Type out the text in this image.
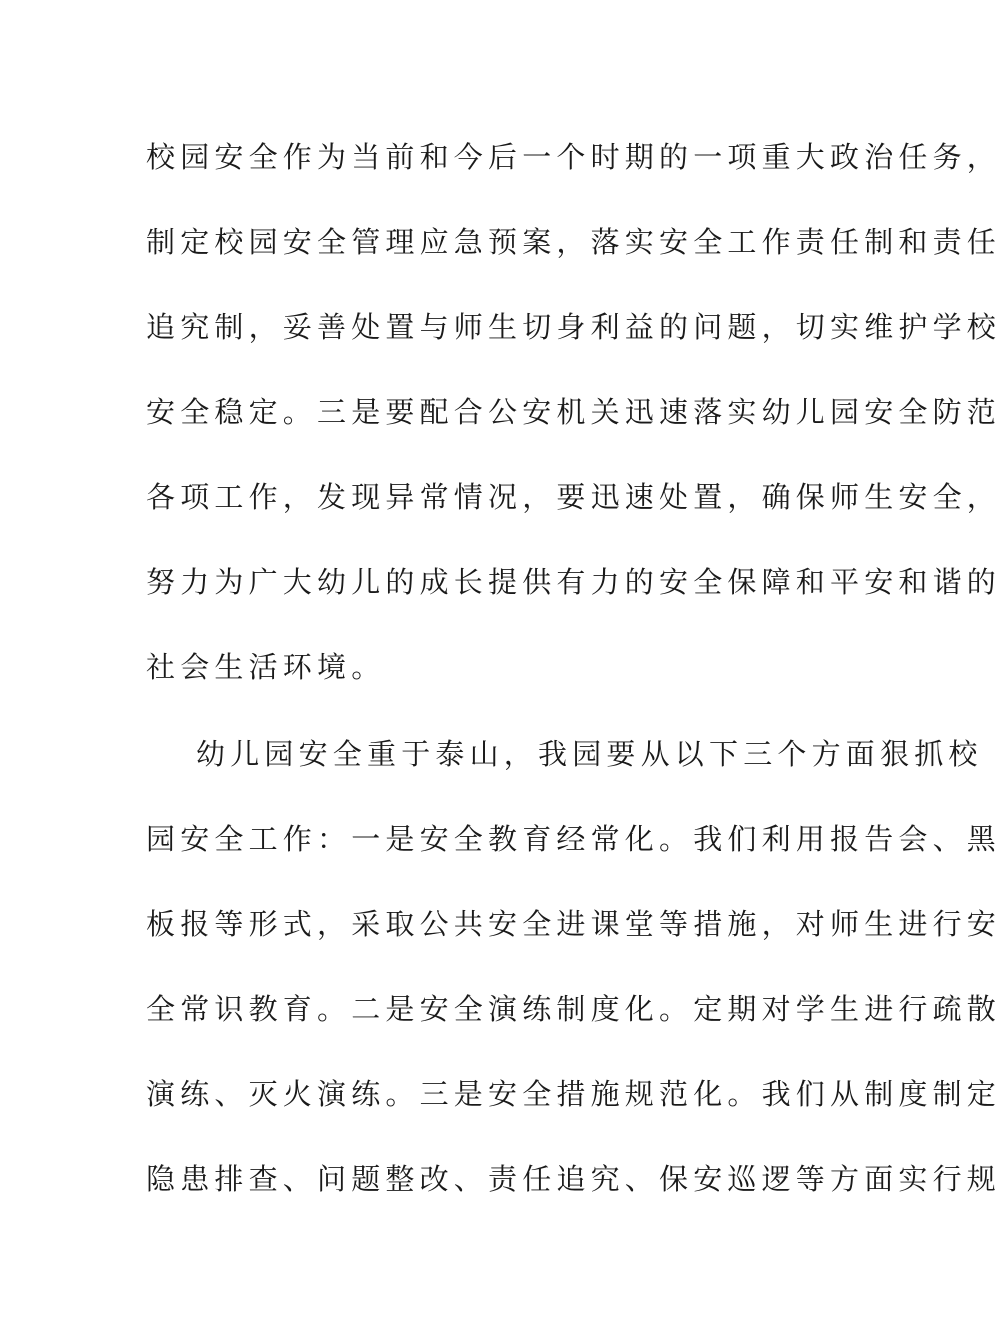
校园安全作为当前和今后一个时期的一项重大政治任务，
制定校园安全管理应急预案，落实安全工作责任制和责任
追究制，妥善处置与师生切身利益的问题，切实维护学校
安全稳定。三是要配合公安机关迅速落实幼儿园安全防范
各项工作，发现异常情况，要迅速处置，确保师生安全，
努力为广大幼儿的成长提供有力的安全保障和平安和谐的
社会生活环境。
幼儿园安全重于泰山，我园要从以下三个方面狠抓校
园安全工作：一是安全教育经常化。我们利用报告会、黑
板报等形式，采取公共安全进课堂等措施，对师生进行安
全常识教育。二是安全演练制度化。定期对学生进行疏散
演练、灭火演练。三是安全措施规范化。我们从制度制定
隐患排查、问题整改、责任追究、保安巡逻等方面实行规
